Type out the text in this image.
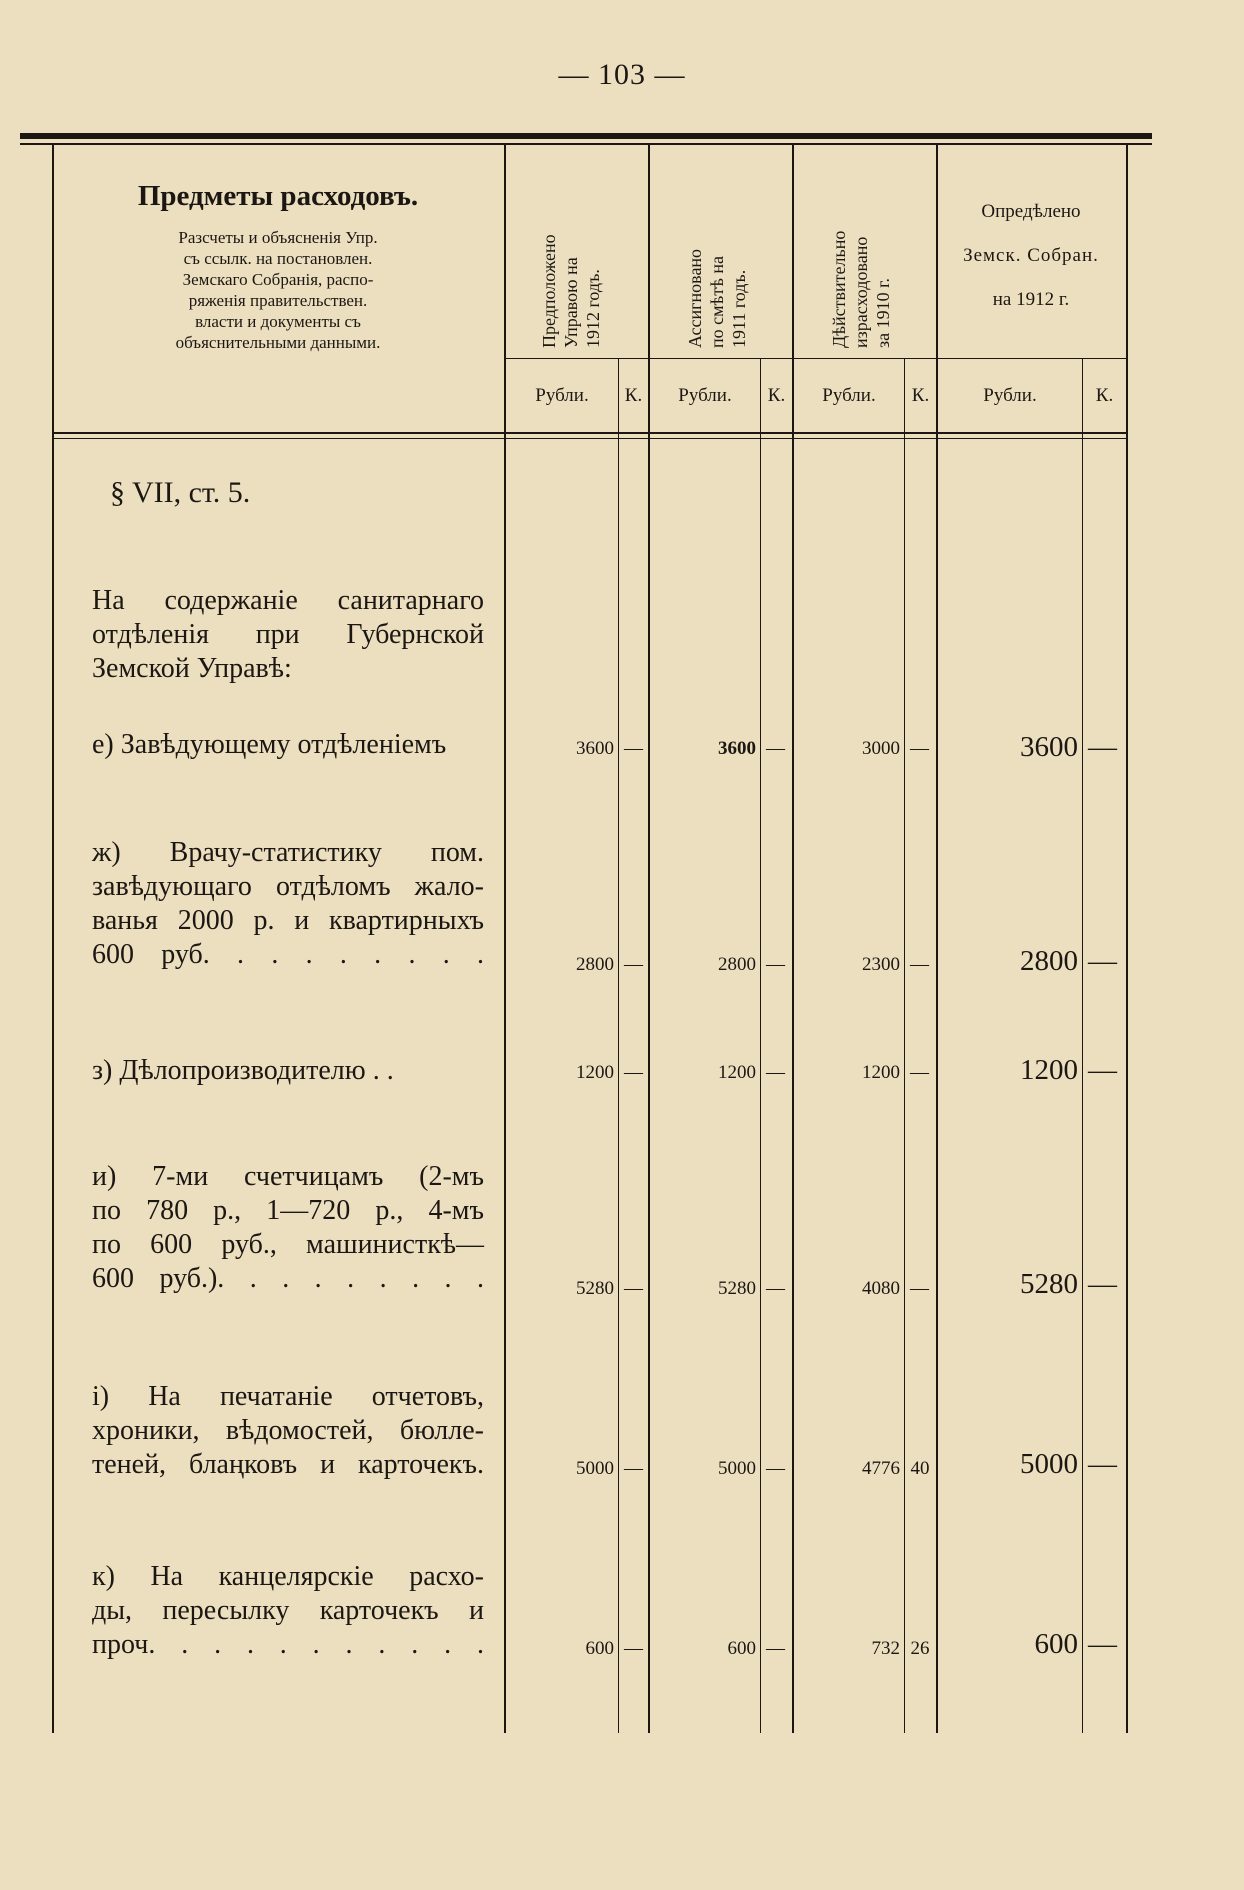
— 103 —
Предметы расходовъ.
Разсчеты и объясненія Упр.
съ ссылк. на постановлен.
Земскаго Собранія, распо-
ряженія правительствен.
власти и документы съ
объяснительными данными.	Предположено Управою на 1912 годъ.	Ассигновано по смѣтѣ на 1911 годъ.	Дѣйствительно израсходовано за 1910 г.
Опредѣлено
Земск. Собран.
на 1912 г.
Рубли.	К.	Рубли.	К.	Рубли.	К.	Рубли.	К.
§ VII, ст. 5.
На содержаніе санитарнаго
отдѣленія при Губернской
Земской Управѣ:
е) Завѣдующему отдѣленіемъ	3600 —	3600 —	3000 —	3600 —
ж) Врачу-статистику пом.
завѣдующаго отдѣломъ жало-
ванья 2000 р. и квартирныхъ
600 руб. . . . . . . . .	2800 —	2800 —	2300 —	2800 —
з) Дѣлопроизводителю . .	1200 —	1200 —	1200 —	1200 —
и) 7-ми счетчицамъ (2-мъ
по 780 р., 1—720 р., 4-мъ
по 600 руб., машинисткѣ—
600 руб.). . . . . . . . .	5280 —	5280 —	4080 —	5280 —
і) На печатаніе отчетовъ,
хроники, вѣдомостей, бюлле-
теней, блаңковъ и карточекъ.	5000 —	5000 —	4776 40	5000 —
к) На канцелярскіе расхо-
ды, пересылку карточекъ и
проч. . . . . . . . . . .	600 —	600 —	732 26	600 —
